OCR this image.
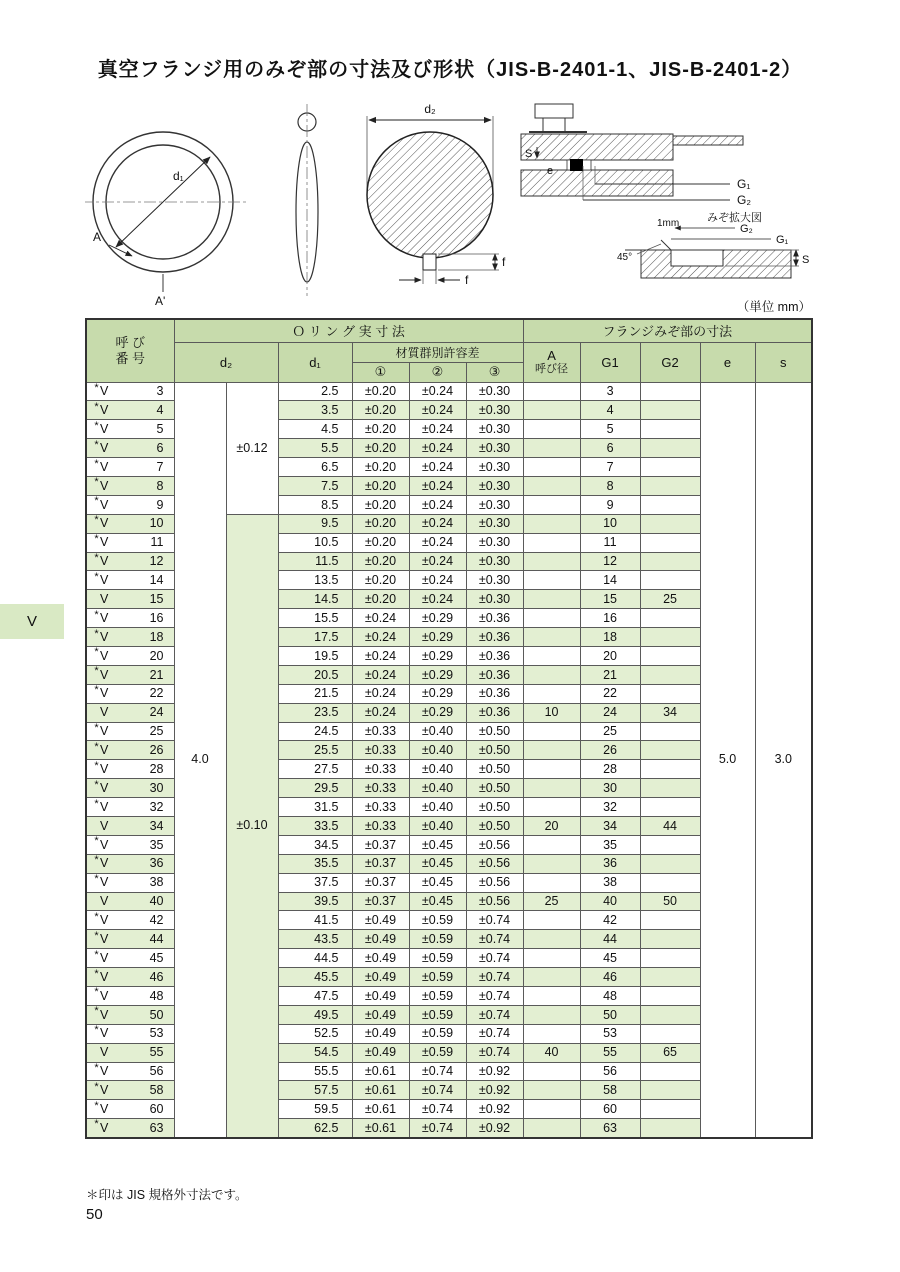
真空フランジ用のみぞ部の寸法及び形状（JIS-B-2401-1、JIS-B-2401-2）
d₁
A
A'
d₂
f
f
S
e
G₁
G₂
みぞ拡大図
1mm
45°
G₂
G₁
S
（単位 mm）
呼 び
番 号	Ｏ リ ン グ 実 寸 法						フランジみぞ部の寸法				
	d₂		d₁	材質群別許容差			A
呼び径	G1	G2	e	s
				①	②	③					

* V 3	4.0	±0.12	2.5	±0.20	±0.24	±0.30		3		5.0	3.0

* V 4			3.5	±0.20	±0.24	±0.30		4			

* V 5			4.5	±0.20	±0.24	±0.30		5			

* V 6			5.5	±0.20	±0.24	±0.30		6			

* V 7			6.5	±0.20	±0.24	±0.30		7			

* V 8			7.5	±0.20	±0.24	±0.30		8			

* V 9			8.5	±0.20	±0.24	±0.30		9			

* V 10		±0.10	9.5	±0.20	±0.24	±0.30		10			

* V 11			10.5	±0.20	±0.24	±0.30		11			

* V 12			11.5	±0.20	±0.24	±0.30		12			

* V 14			13.5	±0.20	±0.24	±0.30		14			

V 15			14.5	±0.20	±0.24	±0.30		15	25		

* V 16			15.5	±0.24	±0.29	±0.36		16			

* V 18			17.5	±0.24	±0.29	±0.36		18			

* V 20			19.5	±0.24	±0.29	±0.36		20			

* V 21			20.5	±0.24	±0.29	±0.36		21			

* V 22			21.5	±0.24	±0.29	±0.36		22			

V 24			23.5	±0.24	±0.29	±0.36	10	24	34		

* V 25			24.5	±0.33	±0.40	±0.50		25			

* V 26			25.5	±0.33	±0.40	±0.50		26			

* V 28			27.5	±0.33	±0.40	±0.50		28			

* V 30			29.5	±0.33	±0.40	±0.50		30			

* V 32			31.5	±0.33	±0.40	±0.50		32			

V 34			33.5	±0.33	±0.40	±0.50	20	34	44		

* V 35			34.5	±0.37	±0.45	±0.56		35			

* V 36			35.5	±0.37	±0.45	±0.56		36			

* V 38			37.5	±0.37	±0.45	±0.56		38			

V 40			39.5	±0.37	±0.45	±0.56	25	40	50		

* V 42			41.5	±0.49	±0.59	±0.74		42			

* V 44			43.5	±0.49	±0.59	±0.74		44			

* V 45			44.5	±0.49	±0.59	±0.74		45			

* V 46			45.5	±0.49	±0.59	±0.74		46			

* V 48			47.5	±0.49	±0.59	±0.74		48			

* V 50			49.5	±0.49	±0.59	±0.74		50			

* V 53			52.5	±0.49	±0.59	±0.74		53			

V 55			54.5	±0.49	±0.59	±0.74	40	55	65		

* V 56			55.5	±0.61	±0.74	±0.92		56			

* V 58			57.5	±0.61	±0.74	±0.92		58			

* V 60			59.5	±0.61	±0.74	±0.92		60			

* V 63			62.5	±0.61	±0.74	±0.92		63			
V
＊印は JIS 規格外寸法です。
50
